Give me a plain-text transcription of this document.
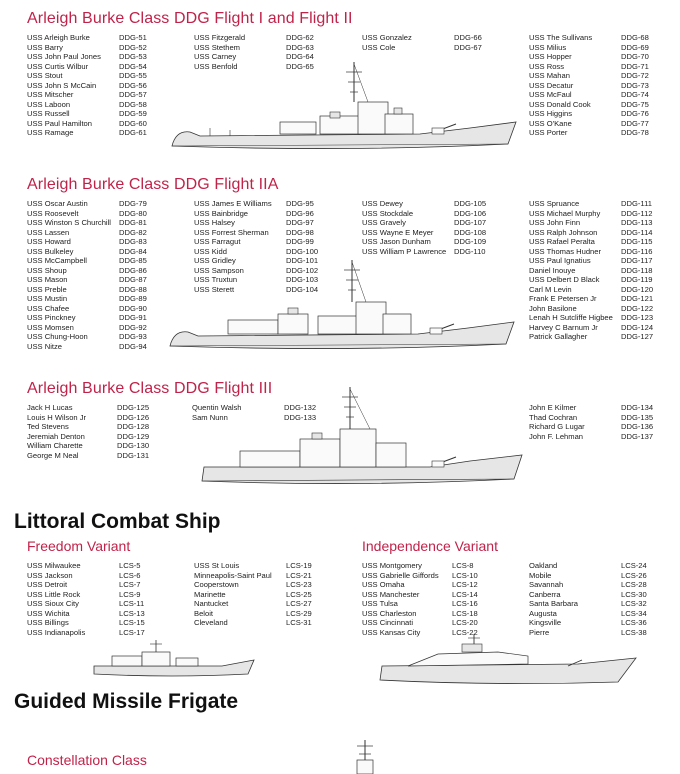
Arleigh Burke Class DDG Flight I and Flight II
USS Arleigh Burke	DDG-51
USS Barry	DDG-52
USS John Paul Jones DDG-53
USS Curtis Wilbur	DDG-54
USS Stout	DDG-55
USS John S McCain	DDG-56
USS Mitscher	DDG-57
USS Laboon	DDG-58
USS Russell	DDG-59
USS Paul Hamilton	DDG-60
USS Ramage	DDG-61
USS Fitzgerald	DDG-62
USS Stethem	DDG-63
USS Carney	DDG-64
USS Benfold	DDG-65
USS Gonzalez	DDG-66
USS Cole	DDG-67
USS The Sullivans	DDG-68
USS Milius	DDG-69
USS Hopper	DDG-70
USS Ross	DDG-71
USS Mahan	DDG-72
USS Decatur	DDG-73
USS McFaul	DDG-74
USS Donald Cook	DDG-75
USS Higgins	DDG-76
USS O'Kane	DDG-77
USS Porter	DDG-78
Arleigh Burke Class DDG Flight IIA
USS Oscar Austin	DDG-79
USS Roosevelt	DDG-80
USS Winston S Churchill DDG-81
USS Lassen	DDG-82
USS Howard	DDG-83
USS Bulkeley	DDG-84
USS McCampbell	DDG-85
USS Shoup	DDG-86
USS Mason	DDG-87
USS Preble	DDG-88
USS Mustin	DDG-89
USS Chafee	DDG-90
USS Pinckney	DDG-91
USS Momsen	DDG-92
USS Chung-Hoon	DDG-93
USS Nitze	DDG-94
USS James E Williams DDG-95
USS Bainbridge	DDG-96
USS Halsey	DDG-97
USS Forrest Sherman DDG-98
USS Farragut	DDG-99
USS Kidd	DDG-100
USS Gridley	DDG-101
USS Sampson	DDG-102
USS Truxtun	DDG-103
USS Sterett	DDG-104
USS Dewey	DDG-105
USS Stockdale	DDG-106
USS Gravely	DDG-107
USS Wayne E Meyer	DDG-108
USS Jason Dunham	DDG-109
USS William P Lawrence DDG-110
USS Spruance	DDG-111
USS Michael Murphy	DDG-112
USS John Finn	DDG-113
USS Ralph Johnson	DDG-114
USS Rafael Peralta	DDG-115
USS Thomas Hudner	DDG-116
USS Paul Ignatius	DDG-117
Daniel Inouye	DDG-118
USS Delbert D Black	DDG-119
Carl M Levin	DDG-120
Frank E Petersen Jr	DDG-121
John Basilone	DDG-122
Lenah H Sutcliffe Higbee DDG-123
Harvey C Barnum Jr	DDG-124
Patrick Gallagher	DDG-127
Arleigh Burke Class DDG Flight III
Jack H Lucas	DDG-125
Louis H Wilson Jr	DDG-126
Ted Stevens	DDG-128
Jeremiah Denton	DDG-129
William Charette	DDG-130
George M Neal	DDG-131
Quentin Walsh	DDG-132
Sam Nunn	DDG-133
John E Kilmer	DDG-134
Thad Cochran	DDG-135
Richard G Lugar	DDG-136
John F. Lehman	DDG-137
Littoral Combat Ship
Freedom Variant	Independence Variant
USS Milwaukee	LCS-5
USS Jackson	LCS-6
USS Detroit	LCS-7
USS Little Rock	LCS-9
USS Sioux City	LCS-11
USS Wichita	LCS-13
USS Billings	LCS-15
USS Indianapolis	LCS-17
USS St Louis	LCS-19
Minneapolis-Saint Paul LCS-21
Cooperstown	LCS-23
Marinette	LCS-25
Nantucket	LCS-27
Beloit	LCS-29
Cleveland	LCS-31
USS Montgomery	LCS-8
USS Gabrielle Giffords LCS-10
USS Omaha	LCS-12
USS Manchester	LCS-14
USS Tulsa	LCS-16
USS Charleston	LCS-18
USS Cincinnati	LCS-20
USS Kansas City	LCS-22
Oakland	LCS-24
Mobile	LCS-26
Savannah	LCS-28
Canberra	LCS-30
Santa Barbara	LCS-32
Augusta	LCS-34
Kingsville	LCS-36
Pierre	LCS-38
Guided Missile Frigate
Constellation Class
